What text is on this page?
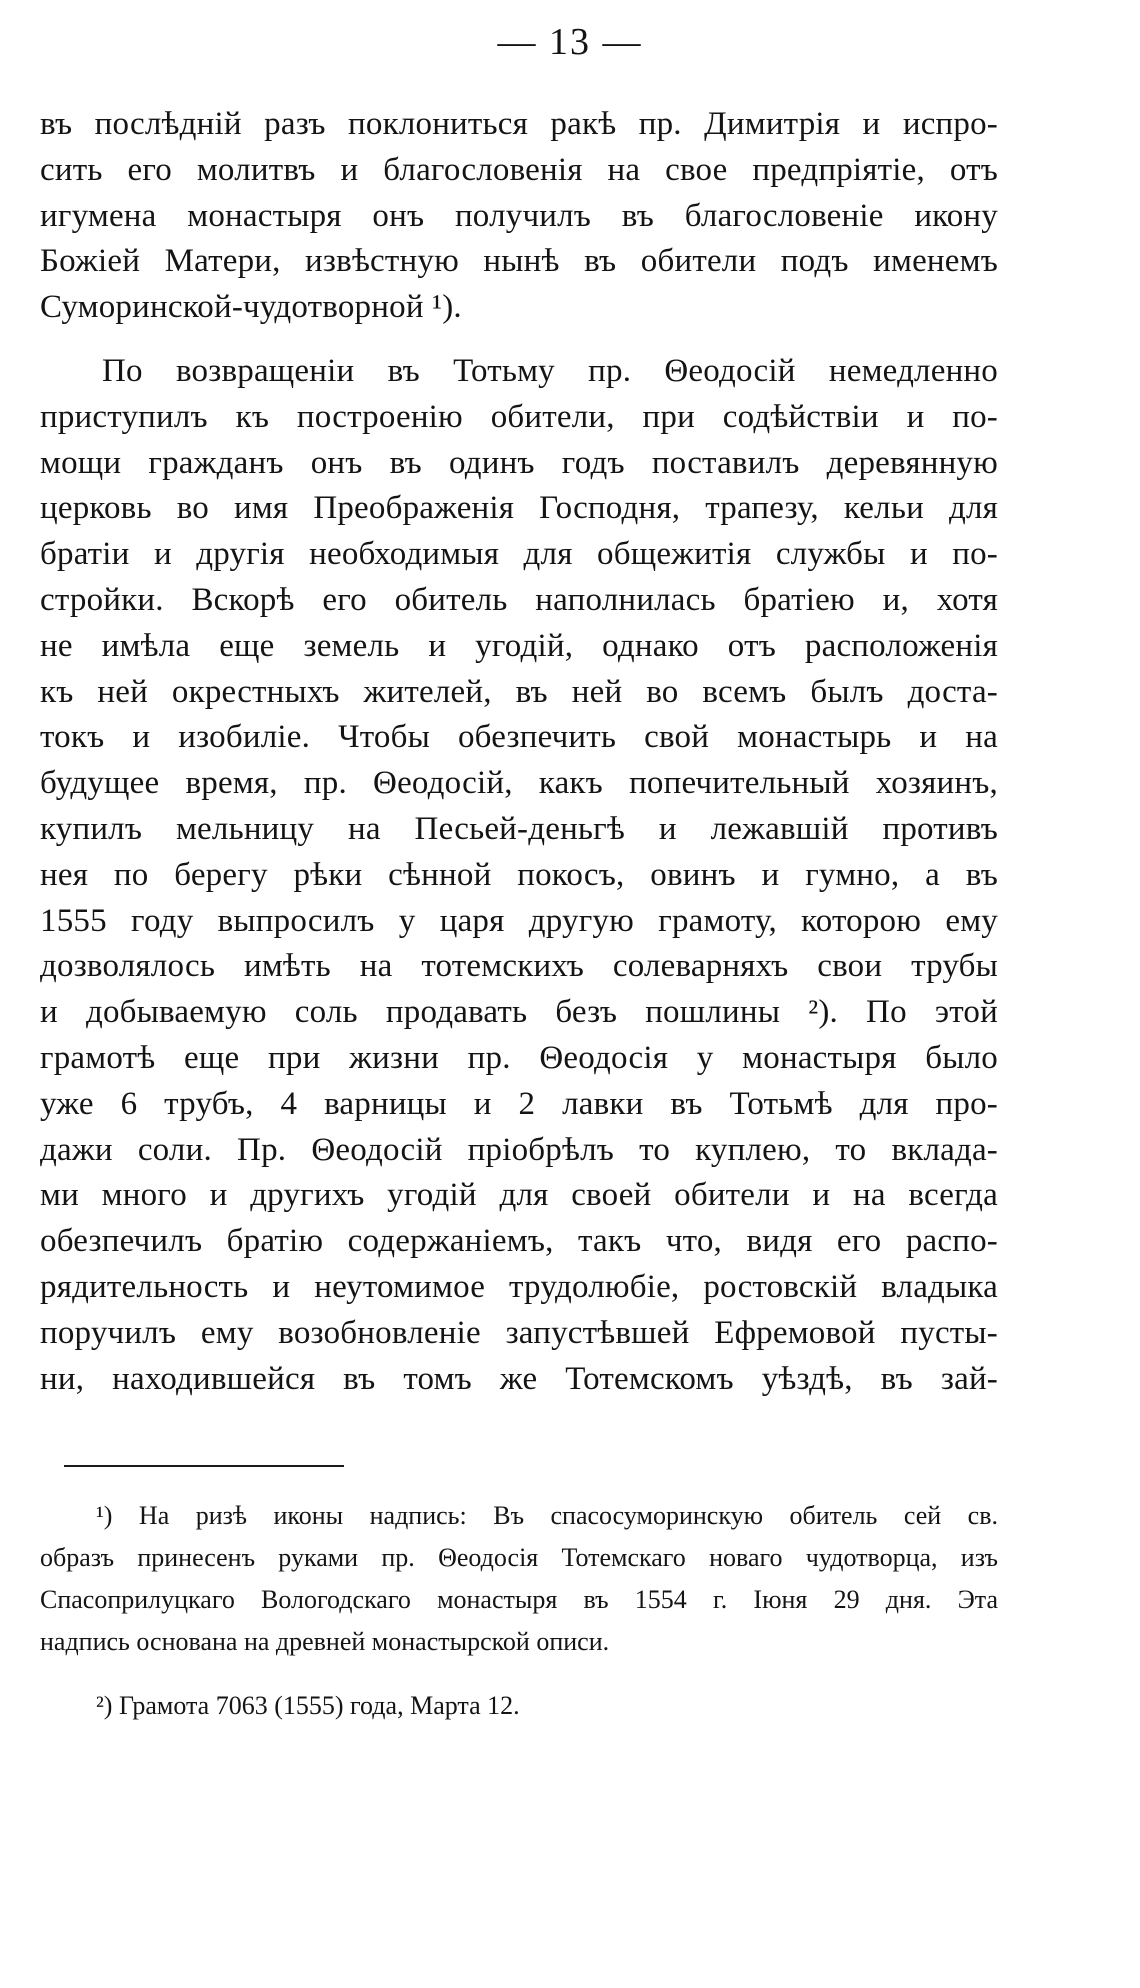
— 13 —
въ послѣдній разъ поклониться ракѣ пр. Димитрія и испро-
сить его молитвъ и благословенія на свое предпріятіе, отъ
игумена монастыря онъ получилъ въ благословеніе икону
Божіей Матери, извѣстную нынѣ въ обители подъ именемъ
Суморинской-чудотворной ¹).
По возвращеніи въ Тотьму пр. Θеодосій немедленно
приступилъ къ построенію обители, при содѣйствіи и по-
мощи гражданъ онъ въ одинъ годъ поставилъ деревянную
церковь во имя Преображенія Господня, трапезу, кельи для
братіи и другія необходимыя для общежитія службы и по-
стройки. Вскорѣ его обитель наполнилась братіею и, хотя
не имѣла еще земель и угодій, однако отъ расположенія
къ ней окрестныхъ жителей, въ ней во всемъ былъ доста-
токъ и изобиліе. Чтобы обезпечить свой монастырь и на
будущее время, пр. Θеодосій, какъ попечительный хозяинъ,
купилъ мельницу на Песьей-деньгѣ и лежавшій противъ
нея по берегу рѣки сѣнной покосъ, овинъ и гумно, а въ
1555 году выпросилъ у царя другую грамоту, которою ему
дозволялось имѣть на тотемскихъ солеварняхъ свои трубы
и добываемую соль продавать безъ пошлины ²). По этой
грамотѣ еще при жизни пр. Θеодосія у монастыря было
уже 6 трубъ, 4 варницы и 2 лавки въ Тотьмѣ для про-
дажи соли. Пр. Θеодосій пріобрѣлъ то куплею, то вклада-
ми много и другихъ угодій для своей обители и на всегда
обезпечилъ братію содержаніемъ, такъ что, видя его распо-
рядительность и неутомимое трудолюбіе, ростовскій владыка
поручилъ ему возобновленіе запустѣвшей Ефремовой пусты-
ни, находившейся въ томъ же Тотемскомъ уѣздѣ, въ зай-
¹) На ризѣ иконы надпись: Въ спасосуморинскую обитель сей св.
образъ принесенъ руками пр. Θеодосія Тотемскаго новаго чудотворца, изъ
Спасоприлуцкаго Вологодскаго монастыря въ 1554 г. Іюня 29 дня. Эта
надпись основана на древней монастырской описи.
²) Грамота 7063 (1555) года, Марта 12.
